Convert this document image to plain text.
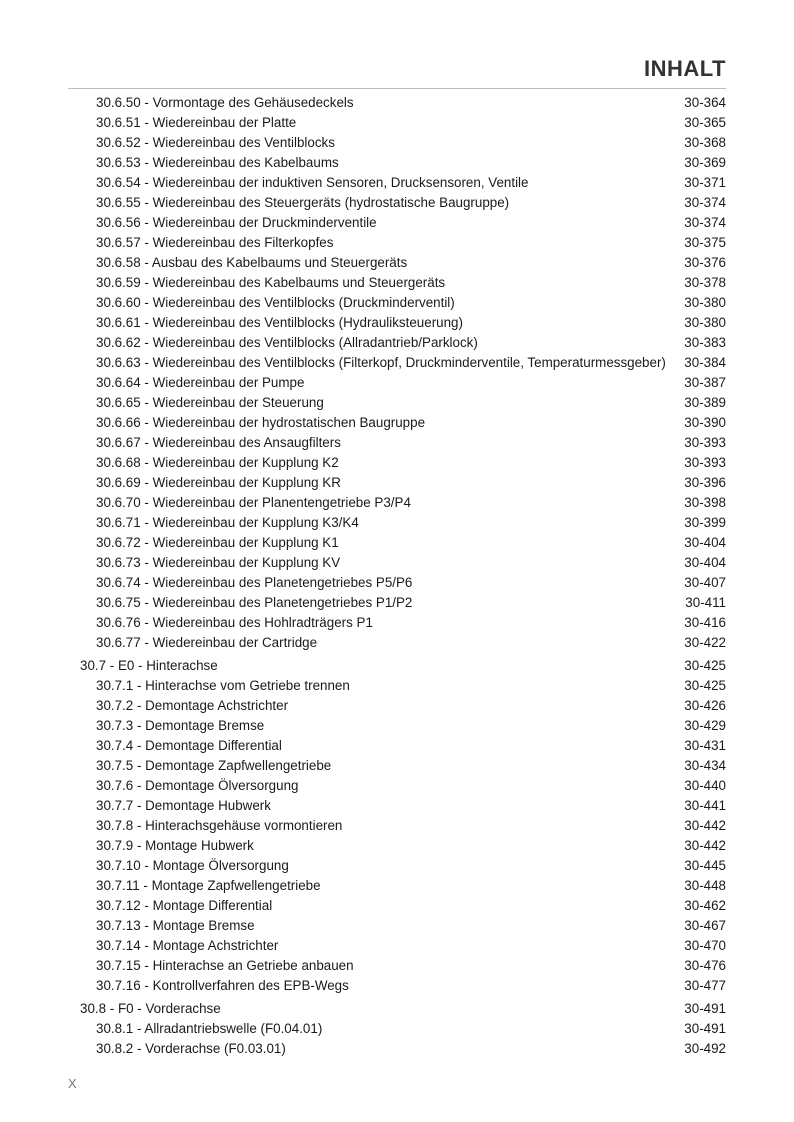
INHALT
30.6.50 - Vormontage des Gehäusedeckels	30-364
30.6.51 - Wiedereinbau der Platte	30-365
30.6.52 - Wiedereinbau des Ventilblocks	30-368
30.6.53 - Wiedereinbau des Kabelbaums	30-369
30.6.54 - Wiedereinbau der induktiven Sensoren, Drucksensoren, Ventile	30-371
30.6.55 - Wiedereinbau des Steuergeräts (hydrostatische Baugruppe)	30-374
30.6.56 - Wiedereinbau der Druckminderventile	30-374
30.6.57 - Wiedereinbau des Filterkopfes	30-375
30.6.58 - Ausbau des Kabelbaums und Steuergeräts	30-376
30.6.59 - Wiedereinbau des Kabelbaums und Steuergeräts	30-378
30.6.60 - Wiedereinbau des Ventilblocks (Druckminderventil)	30-380
30.6.61 - Wiedereinbau des Ventilblocks (Hydrauliksteuerung)	30-380
30.6.62 - Wiedereinbau des Ventilblocks (Allradantrieb/Parklock)	30-383
30.6.63 - Wiedereinbau des Ventilblocks (Filterkopf, Druckminderventile, Temperaturmessgeber) 30-384
30.6.64 - Wiedereinbau der Pumpe	30-387
30.6.65 - Wiedereinbau der Steuerung	30-389
30.6.66 - Wiedereinbau der hydrostatischen Baugruppe	30-390
30.6.67 - Wiedereinbau des Ansaugfilters	30-393
30.6.68 - Wiedereinbau der Kupplung K2	30-393
30.6.69 - Wiedereinbau der Kupplung KR	30-396
30.6.70 - Wiedereinbau der Planentengetriebe P3/P4	30-398
30.6.71 - Wiedereinbau der Kupplung K3/K4	30-399
30.6.72 - Wiedereinbau der Kupplung K1	30-404
30.6.73 - Wiedereinbau der Kupplung KV	30-404
30.6.74 - Wiedereinbau des Planetengetriebes P5/P6	30-407
30.6.75 - Wiedereinbau des Planetengetriebes P1/P2	30-411
30.6.76 - Wiedereinbau des Hohlradträgers P1	30-416
30.6.77 - Wiedereinbau der Cartridge	30-422
30.7 - E0 - Hinterachse	30-425
30.7.1 - Hinterachse vom Getriebe trennen	30-425
30.7.2 - Demontage Achstrichter	30-426
30.7.3 - Demontage Bremse	30-429
30.7.4 - Demontage Differential	30-431
30.7.5 - Demontage Zapfwellengetriebe	30-434
30.7.6 - Demontage Ölversorgung	30-440
30.7.7 - Demontage Hubwerk	30-441
30.7.8 - Hinterachsgehäuse vormontieren	30-442
30.7.9 - Montage Hubwerk	30-442
30.7.10 - Montage Ölversorgung	30-445
30.7.11 - Montage Zapfwellengetriebe	30-448
30.7.12 - Montage Differential	30-462
30.7.13 - Montage Bremse	30-467
30.7.14 - Montage Achstrichter	30-470
30.7.15 - Hinterachse an Getriebe anbauen	30-476
30.7.16 - Kontrollverfahren des EPB-Wegs	30-477
30.8 - F0 - Vorderachse	30-491
30.8.1 - Allradantriebswelle (F0.04.01)	30-491
30.8.2 - Vorderachse (F0.03.01)	30-492
X
